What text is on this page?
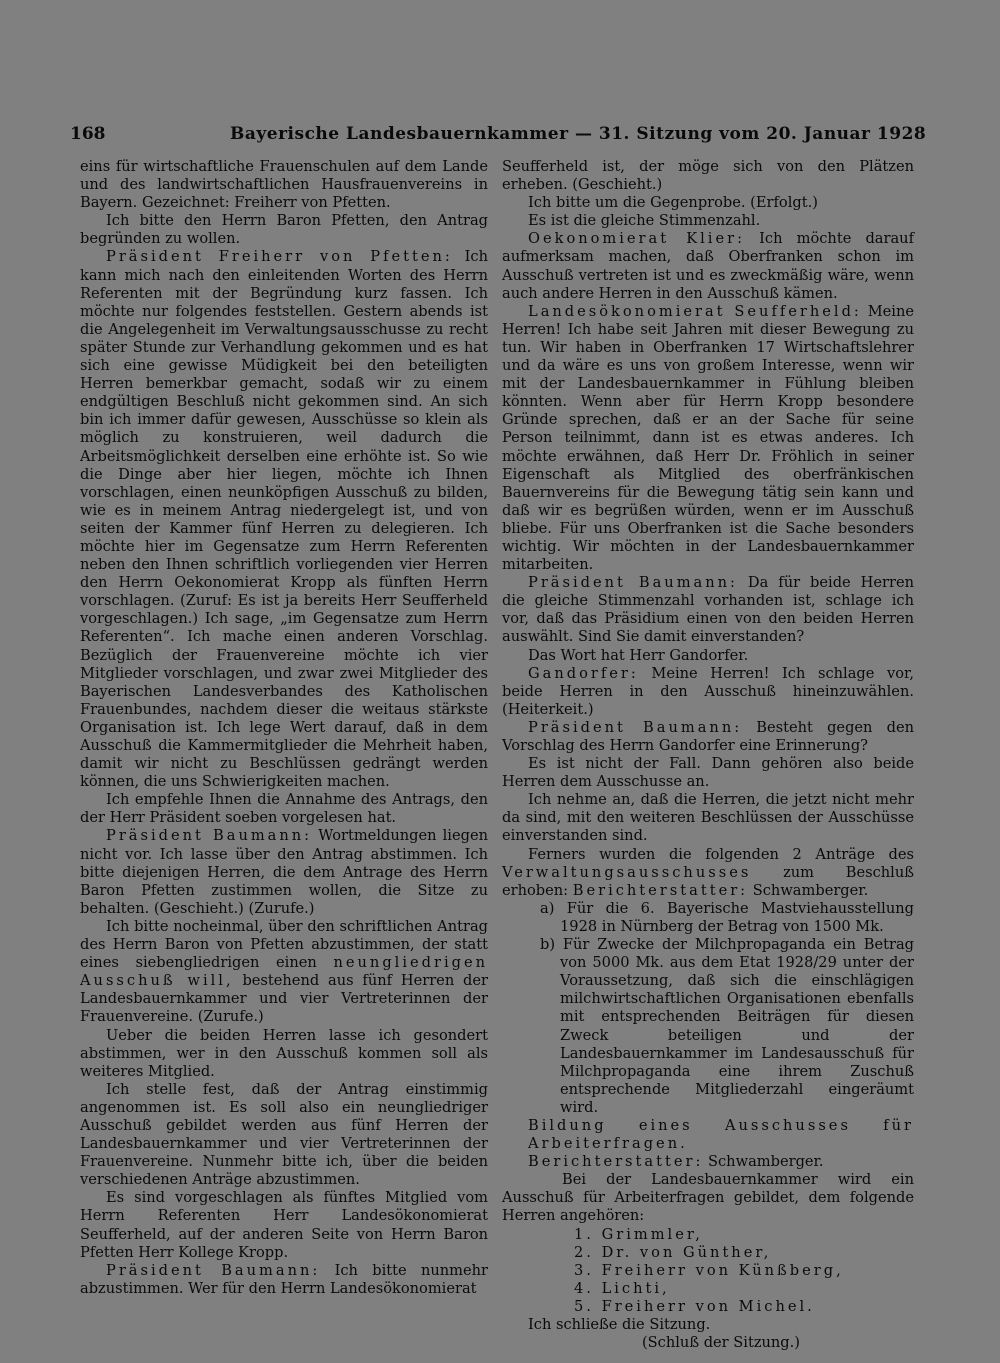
168	Bayerische Landesbauernkammer — 31. Sitzung vom 20. Januar 1928

eins für wirtschaftliche Frauenschulen auf dem Lande und des landwirtschaftlichen Hausfrauenvereins in Bayern. Gezeichnet: Freiherr von Pfetten.

Ich bitte den Herrn Baron Pfetten, den Antrag begründen zu wollen.

Präsident Freiherr von Pfetten: Ich kann mich nach den einleitenden Worten des Herrn Referenten mit der Begründung kurz fassen. Ich möchte nur folgendes feststellen. Gestern abends ist die Angelegenheit im Verwaltungsausschusse zu recht später Stunde zur Verhandlung gekommen und es hat sich eine gewisse Müdigkeit bei den beteiligten Herren bemerkbar gemacht, sodaß wir zu einem endgültigen Beschluß nicht gekommen sind. An sich bin ich immer dafür gewesen, Ausschüsse so klein als möglich zu konstruieren, weil dadurch die Arbeitsmöglichkeit derselben eine erhöhte ist. So wie die Dinge aber hier liegen, möchte ich Ihnen vorschlagen, einen neunköpfigen Ausschuß zu bilden, wie es in meinem Antrag niedergelegt ist, und von seiten der Kammer fünf Herren zu delegieren. Ich möchte hier im Gegensatze zum Herrn Referenten neben den Ihnen schriftlich vorliegenden vier Herren den Herrn Oekonomierat Kropp als fünften Herrn vorschlagen. (Zuruf: Es ist ja bereits Herr Seufferheld vorgeschlagen.) Ich sage, „im Gegensatze zum Herrn Referenten“. Ich mache einen anderen Vorschlag. Bezüglich der Frauenvereine möchte ich vier Mitglieder vorschlagen, und zwar zwei Mitglieder des Bayerischen Landesverbandes des Katholischen Frauenbundes, nachdem dieser die weitaus stärkste Organisation ist. Ich lege Wert darauf, daß in dem Ausschuß die Kammermitglieder die Mehrheit haben, damit wir nicht zu Beschlüssen gedrängt werden können, die uns Schwierigkeiten machen.

Ich empfehle Ihnen die Annahme des Antrags, den der Herr Präsident soeben vorgelesen hat.

Präsident Baumann: Wortmeldungen liegen nicht vor. Ich lasse über den Antrag abstimmen. Ich bitte diejenigen Herren, die dem Antrage des Herrn Baron Pfetten zustimmen wollen, die Sitze zu behalten. (Geschieht.) (Zurufe.)

Ich bitte nocheinmal, über den schriftlichen Antrag des Herrn Baron von Pfetten abzustimmen, der statt eines siebengliedrigen einen neungliedrigen Ausschuß will, bestehend aus fünf Herren der Landesbauernkammer und vier Vertreterinnen der Frauenvereine. (Zurufe.)

Ueber die beiden Herren lasse ich gesondert abstimmen, wer in den Ausschuß kommen soll als weiteres Mitglied.

Ich stelle fest, daß der Antrag einstimmig angenommen ist. Es soll also ein neungliedriger Ausschuß gebildet werden aus fünf Herren der Landesbauernkammer und vier Vertreterinnen der Frauenvereine. Nunmehr bitte ich, über die beiden verschiedenen Anträge abzustimmen.

Es sind vorgeschlagen als fünftes Mitglied vom Herrn Referenten Herr Landesökonomierat Seufferheld, auf der anderen Seite von Herrn Baron Pfetten Herr Kollege Kropp.

Präsident Baumann: Ich bitte nunmehr abzustimmen. Wer für den Herrn Landesökonomierat

Seufferheld ist, der möge sich von den Plätzen erheben. (Geschieht.)

Ich bitte um die Gegenprobe. (Erfolgt.)

Es ist die gleiche Stimmenzahl.

Oekonomierat Klier: Ich möchte darauf aufmerksam machen, daß Oberfranken schon im Ausschuß vertreten ist und es zweckmäßig wäre, wenn auch andere Herren in den Ausschuß kämen.

Landesökonomierat Seufferheld: Meine Herren! Ich habe seit Jahren mit dieser Bewegung zu tun. Wir haben in Oberfranken 17 Wirtschaftslehrer und da wäre es uns von großem Interesse, wenn wir mit der Landesbauernkammer in Fühlung bleiben könnten. Wenn aber für Herrn Kropp besondere Gründe sprechen, daß er an der Sache für seine Person teilnimmt, dann ist es etwas anderes. Ich möchte erwähnen, daß Herr Dr. Fröhlich in seiner Eigenschaft als Mitglied des oberfränkischen Bauernvereins für die Bewegung tätig sein kann und daß wir es begrüßen würden, wenn er im Ausschuß bliebe. Für uns Oberfranken ist die Sache besonders wichtig. Wir möchten in der Landesbauernkammer mitarbeiten.

Präsident Baumann: Da für beide Herren die gleiche Stimmenzahl vorhanden ist, schlage ich vor, daß das Präsidium einen von den beiden Herren auswählt. Sind Sie damit einverstanden?

Das Wort hat Herr Gandorfer.

Gandorfer: Meine Herren! Ich schlage vor, beide Herren in den Ausschuß hineinzuwählen. (Heiterkeit.)

Präsident Baumann: Besteht gegen den Vorschlag des Herrn Gandorfer eine Erinnerung?

Es ist nicht der Fall. Dann gehören also beide Herren dem Ausschusse an.

Ich nehme an, daß die Herren, die jetzt nicht mehr da sind, mit den weiteren Beschlüssen der Ausschüsse einverstanden sind.

Ferners wurden die folgenden 2 Anträge des Verwaltungsausschusses zum Beschluß erhoben: Berichterstatter: Schwamberger.

a) Für die 6. Bayerische Mastviehausstellung 1928 in Nürnberg der Betrag von 1500 Mk.
b) Für Zwecke der Milchpropaganda ein Betrag von 5000 Mk. aus dem Etat 1928/29 unter der Voraussetzung, daß sich die einschlägigen milchwirtschaftlichen Organisationen ebenfalls mit entsprechenden Beiträgen für diesen Zweck beteiligen und der Landesbauernkammer im Landesausschuß für Milchpropaganda eine ihrem Zuschuß entsprechende Mitgliederzahl eingeräumt wird.

Bildung eines Ausschusses für Arbeiterfragen.

Berichterstatter: Schwamberger.

Bei der Landesbauernkammer wird ein Ausschuß für Arbeiterfragen gebildet, dem folgende Herren angehören:

1. Grimmler,
2. Dr. von Günther,
3. Freiherr von Künßberg,
4. Lichti,
5. Freiherr von Michel.

Ich schließe die Sitzung.

(Schluß der Sitzung.)
